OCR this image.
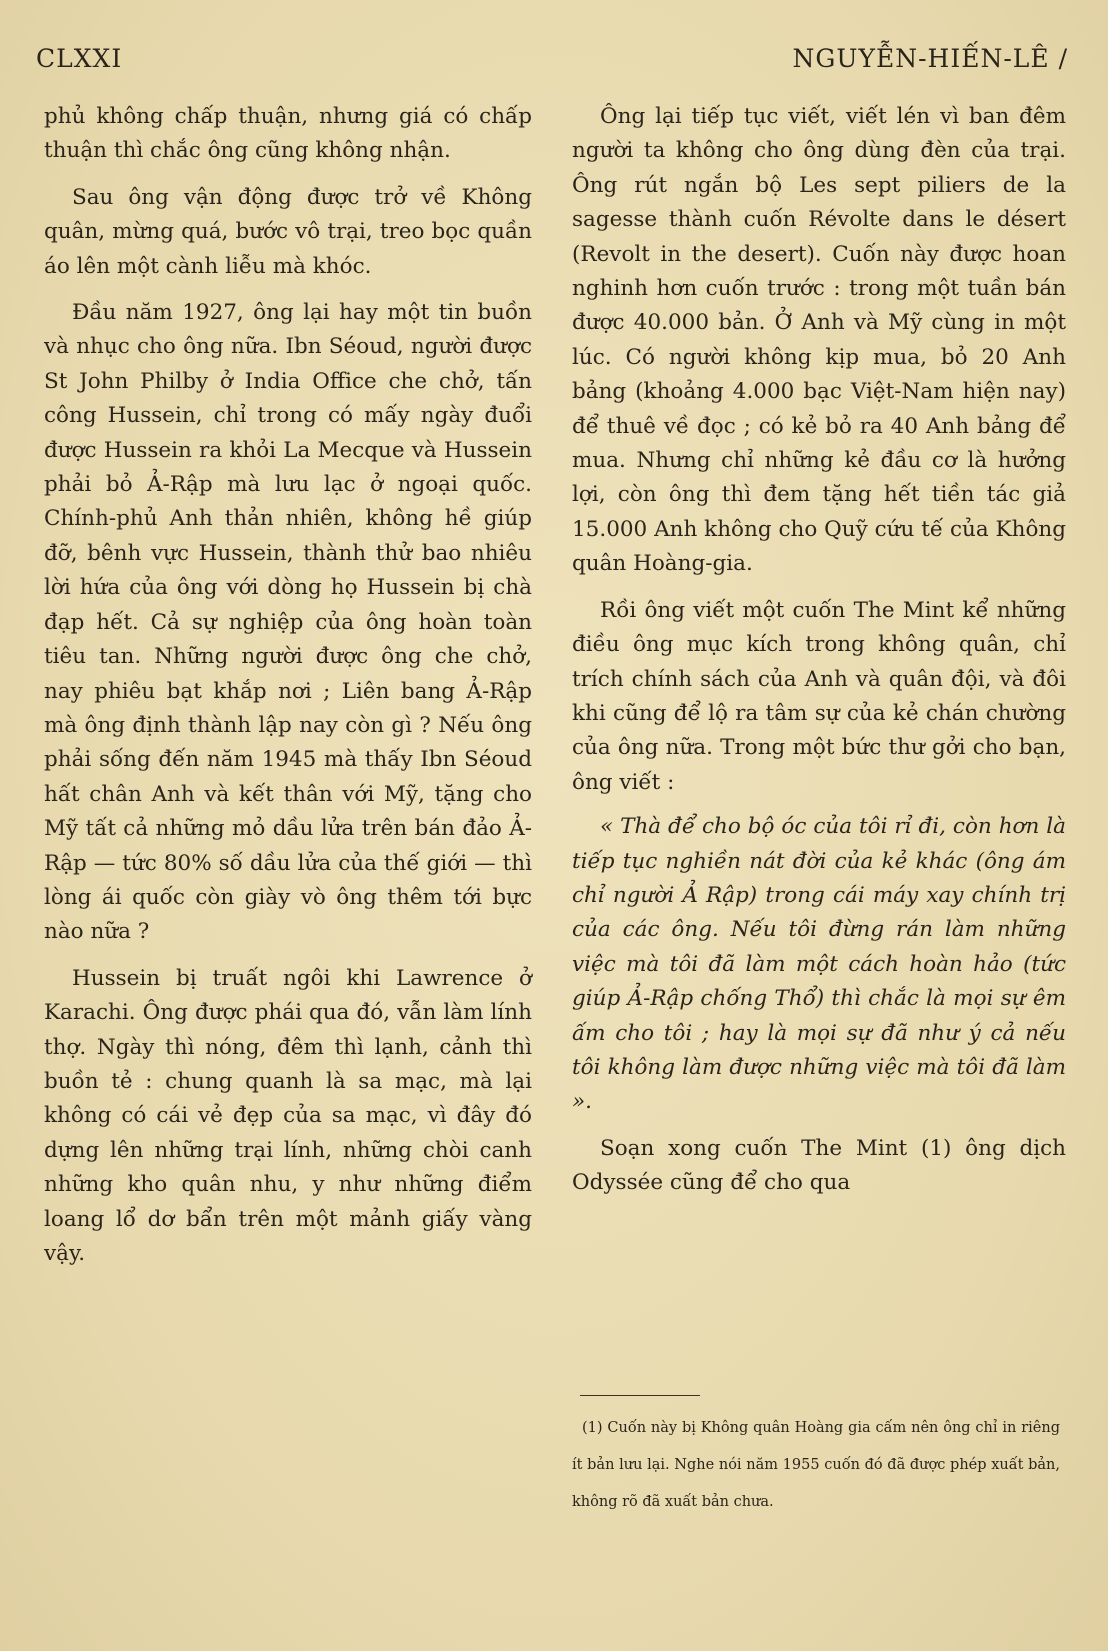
CLXXI	NGUYỄN-HIẾN-LÊ /

phủ không chấp thuận, nhưng giá có chấp thuận thì chắc ông cũng không nhận.

Sau ông vận động được trở về Không quân, mừng quá, bước vô trại, treo bọc quần áo lên một cành liễu mà khóc.

Đầu năm 1927, ông lại hay một tin buồn và nhục cho ông nữa. Ibn Séoud, người được St John Philby ở India Office che chở, tấn công Hussein, chỉ trong có mấy ngày đuổi được Hussein ra khỏi La Mecque và Hussein phải bỏ Ả-Rập mà lưu lạc ở ngoại quốc. Chính-phủ Anh thản nhiên, không hề giúp đỡ, bênh vực Hussein, thành thử bao nhiêu lời hứa của ông với dòng họ Hussein bị chà đạp hết. Cả sự nghiệp của ông hoàn toàn tiêu tan. Những người được ông che chở, nay phiêu bạt khắp nơi ; Liên bang Ả-Rập mà ông định thành lập nay còn gì ? Nếu ông phải sống đến năm 1945 mà thấy Ibn Séoud hất chân Anh và kết thân với Mỹ, tặng cho Mỹ tất cả những mỏ dầu lửa trên bán đảo Ả-Rập — tức 80% số dầu lửa của thế giới — thì lòng ái quốc còn giày vò ông thêm tới bực nào nữa ?

Hussein bị truất ngôi khi Lawrence ở Karachi. Ông được phái qua đó, vẫn làm lính thợ. Ngày thì nóng, đêm thì lạnh, cảnh thì buồn tẻ : chung quanh là sa mạc, mà lại không có cái vẻ đẹp của sa mạc, vì đây đó dựng lên những trại lính, những chòi canh những kho quân nhu, y như những điểm loang lổ dơ bẩn trên một mảnh giấy vàng vậy.

Ông lại tiếp tục viết, viết lén vì ban đêm người ta không cho ông dùng đèn của trại. Ông rút ngắn bộ Les sept piliers de la sagesse thành cuốn Révolte dans le désert (Revolt in the desert). Cuốn này được hoan nghinh hơn cuốn trước : trong một tuần bán được 40.000 bản. Ở Anh và Mỹ cùng in một lúc. Có người không kịp mua, bỏ 20 Anh bảng (khoảng 4.000 bạc Việt-Nam hiện nay) để thuê về đọc ; có kẻ bỏ ra 40 Anh bảng để mua. Nhưng chỉ những kẻ đầu cơ là hưởng lợi, còn ông thì đem tặng hết tiền tác giả 15.000 Anh không cho Quỹ cứu tế của Không quân Hoàng-gia.

Rồi ông viết một cuốn The Mint kể những điều ông mục kích trong không quân, chỉ trích chính sách của Anh và quân đội, và đôi khi cũng để lộ ra tâm sự của kẻ chán chường của ông nữa. Trong một bức thư gởi cho bạn, ông viết :

« Thà để cho bộ óc của tôi rỉ đi, còn hơn là tiếp tục nghiền nát đời của kẻ khác (ông ám chỉ người Ả Rập) trong cái máy xay chính trị của các ông. Nếu tôi đừng rán làm những việc mà tôi đã làm một cách hoàn hảo (tức giúp Ả-Rập chống Thổ) thì chắc là mọi sự êm ấm cho tôi ; hay là mọi sự đã như ý cả nếu tôi không làm được những việc mà tôi đã làm ».

Soạn xong cuốn The Mint (1) ông dịch Odyssée cũng để cho qua

(1) Cuốn này bị Không quân Hoàng gia cấm nên ông chỉ in riêng ít bản lưu lại. Nghe nói năm 1955 cuốn đó đã được phép xuất bản, không rõ đã xuất bản chưa.
